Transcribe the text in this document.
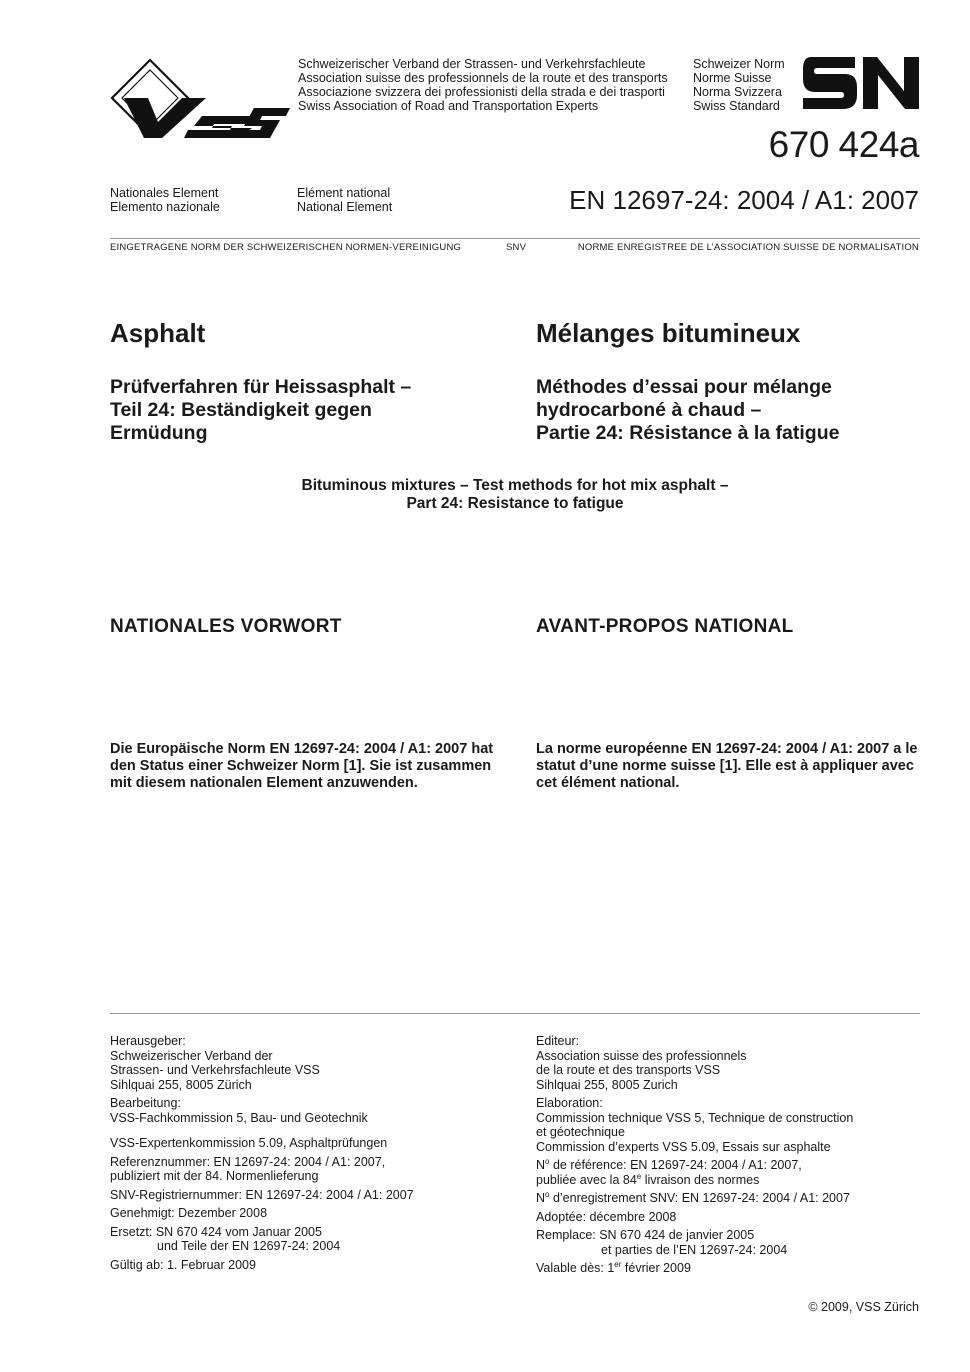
Schweizerischer Verband der Strassen- und Verkehrsfachleute
Association suisse des professionnels de la route et des transports
Associazione svizzera dei professionisti della strada e dei trasporti
Swiss Association of Road and Transportation Experts
Schweizer Norm
Norme Suisse
Norma Svizzera
Swiss Standard
670 424a
Nationales Element
Elemento nazionale
Elément national
National Element	EN 12697-24: 2004 / A1: 2007
EINGETRAGENE NORM DER SCHWEIZERISCHEN NORMEN-VEREINIGUNG	SNV	NORME ENREGISTREE DE L’ASSOCIATION SUISSE DE NORMALISATION
Asphalt	Mélanges bitumineux
Prüfverfahren für Heissasphalt –
Teil 24: Beständigkeit gegen
Ermüdung
Méthodes d’essai pour mélange
hydrocarboné à chaud –
Partie 24: Résistance à la fatigue
Bituminous mixtures – Test methods for hot mix asphalt –
Part 24: Resistance to fatigue
NATIONALES VORWORT	AVANT-PROPOS NATIONAL
Die Europäische Norm EN 12697-24: 2004 / A1: 2007 hat
den Status einer Schweizer Norm [1]. Sie ist zusammen
mit diesem nationalen Element anzuwenden.
La norme européenne EN 12697-24: 2004 / A1: 2007 a le
statut d’une norme suisse [1]. Elle est à appliquer avec
cet élément national.
Herausgeber:
Schweizerischer Verband der
Strassen- und Verkehrsfachleute VSS
Sihlquai 255, 8005 Zürich
Bearbeitung:
VSS-Fachkommission 5, Bau- und Geotechnik
VSS-Expertenkommission 5.09, Asphaltprüfungen
Referenznummer: EN 12697-24: 2004 / A1: 2007,
publiziert mit der 84. Normenlieferung
SNV-Registriernummer: EN 12697-24: 2004 / A1: 2007
Genehmigt: Dezember 2008
Ersetzt: SN 670 424 vom Januar 2005
und Teile der EN 12697-24: 2004
Gültig ab: 1. Februar 2009
Editeur:
Association suisse des professionnels
de la route et des transports VSS
Sihlquai 255, 8005 Zurich
Elaboration:
Commission technique VSS 5, Technique de construction
et géotechnique
Commission d’experts VSS 5.09, Essais sur asphalte
$N^o$ de référence: EN 12697-24: 2004 / A1: 2007,
publiée avec la 84e livraison des normes
$N^o$ d’enregistrement SNV: EN 12697-24: 2004 / A1: 2007
Adoptée: décembre 2008
Remplace: SN 670 424 de janvier 2005
et parties de l’EN 12697-24: 2004
Valable dès: 1er février 2009
© 2009, VSS Zürich
